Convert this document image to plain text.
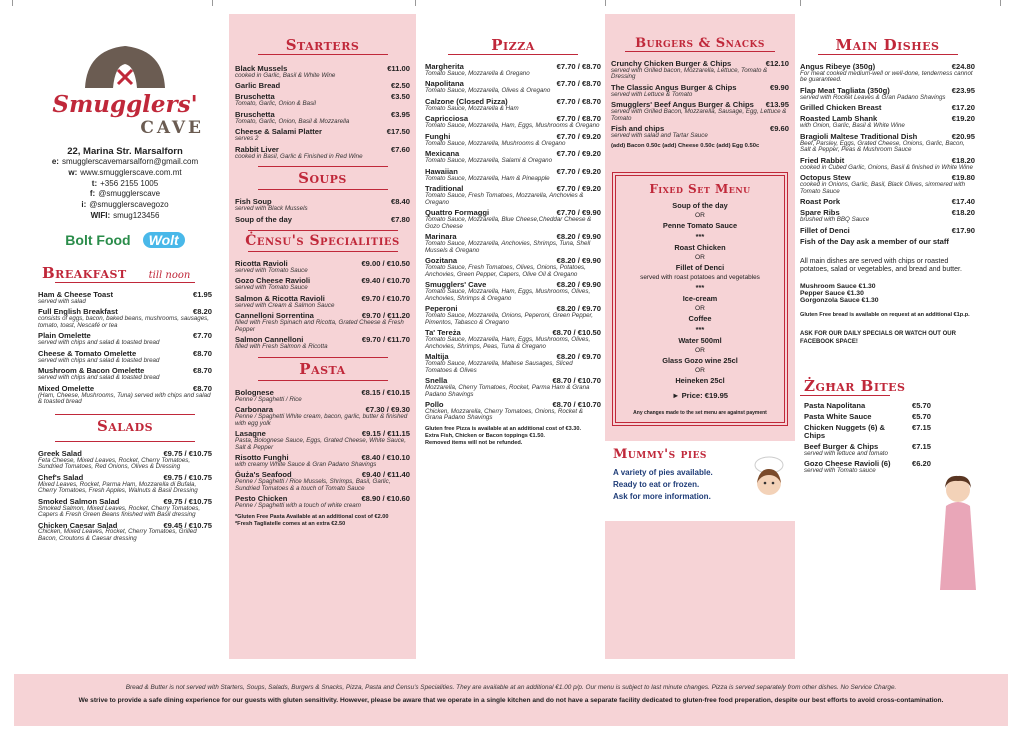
Smugglers'
CAVE
22, Marina Str. Marsalforn
e: smugglerscavemarsalforn@gmail.com
w: www.smugglerscave.com.mt
t: +356 2155 1005
f: @smugglerscave
i: @smugglerscavegozo
WIFI: smug123456
Bolt Food	Wolt
Breakfast till noon
Ham & Cheese Toast	€1.95
served with salad
Full English Breakfast	€8.20
consists of eggs, bacon, baked beans, mushrooms, sausages, tomato, toast, Nescafé or tea
Plain Omelette	€7.70
served with chips and salad & toasted bread
Cheese & Tomato Omelette	€8.70
served with chips and salad & toasted bread
Mushroom & Bacon Omelette	€8.70
served with chips and salad & toasted bread
Mixed Omelette	€8.70
(Ham, Cheese, Mushrooms, Tuna) served with chips and salad & toasted bread
Salads
Greek Salad	€9.75 / €10.75
Feta Cheese, Mixed Leaves, Rocket, Cherry Tomatoes, Sundried Tomatoes, Red Onions, Olives & Dressing
Chef's Salad	€9.75 / €10.75
Mixed Leaves, Rocket, Parma Ham, Mozzarella di Bufala, Cherry Tomatoes, Fresh Apples, Walnuts & Basil Dressing
Smoked Salmon Salad	€9.75 / €10.75
Smoked Salmon, Mixed Leaves, Rocket, Cherry Tomatoes, Capers & Fresh Green Beans finished with Basil dressing
Chicken Caesar Salad	€9.45 / €10.75
Chicken, Mixed Leaves, Rocket, Cherry Tomatoes, Grilled Bacon, Croutons & Caesar dressing
Starters
Black Mussels	€11.00
cooked in Garlic, Basil & White Wine
Garlic Bread	€2.50
Bruschetta	€3.50
Tomato, Garlic, Onion & Basil
Bruschetta	€3.95
Tomato, Garlic, Onion, Basil & Mozzarella
Cheese & Salami Platter	€17.50
serves 2
Rabbit Liver	€7.60
cooked in Basil, Garlic & Finished in Red Wine
Soups
Fish Soup	€8.40
served with Black Mussels
Soup of the day	€7.80
Ċensu's Specialities
Ricotta Ravioli	€9.00 / €10.50
served with Tomato Sauce
Gozo Cheese Ravioli	€9.40 / €10.70
served with Tomato Sauce
Salmon & Ricotta Ravioli	€9.70 / €10.70
served with Cream & Salmon Sauce
Cannelloni Sorrentina	€9.70 / €11.20
filled with Fresh Spinach and Ricotta, Grated Cheese & Fresh Pepper
Salmon Cannelloni	€9.70 / €11.70
filled with Fresh Salmon & Ricotta
Pasta
Bolognese	€8.15 / €10.15
Penne / Spaghetti / Rice
Carbonara	€7.30 / €9.30
Penne / Spaghetti White cream, bacon, garlic, butter & finished with egg yolk
Lasagne	€9.15 / €11.15
Pasta, Bolognese Sauce, Eggs, Grated Cheese, White Sauce, Salt & Pepper
Risotto Funghi	€8.40 / €10.10
with creamy White Sauce & Gran Padano Shavings
Ġuża's Seafood	€9.40 / €11.40
Penne / Spaghetti / Rice Mussels, Shrimps, Basil, Garlic, Sundried Tomatoes & a touch of Tomato Sauce
Pesto Chicken	€8.90 / €10.60
Penne / Spaghetti with a touch of white cream
*Gluten Free Pasta Available at an additional cost of €2.00
*Fresh Tagliatelle comes at an extra €2.50
Pizza
Margherita	€7.70 / €8.70
Tomato Sauce, Mozzarella & Oregano
Napolitana	€7.70 / €8.70
Tomato Sauce, Mozzarella, Olives & Oregano
Calzone (Closed Pizza)	€7.70 / €8.70
Tomato Sauce, Mozzarella & Ham
Capricciosa	€7.70 / €8.70
Tomato Sauce, Mozzarella, Ham, Eggs, Mushrooms & Oregano
Funghi	€7.70 / €9.20
Tomato Sauce, Mozzarella, Mushrooms & Oregano
Mexicana	€7.70 / €9.20
Tomato Sauce, Mozzarella, Salami & Oregano
Hawaiian	€7.70 / €9.20
Tomato Sauce, Mozzarella, Ham & Pineapple
Traditional	€7.70 / €9.20
Tomato Sauce, Fresh Tomatoes, Mozzarella, Anchovies & Oregano
Quattro Formaggi	€7.70 / €9.90
Tomato Sauce, Mozzarella, Blue Cheese,Cheddar Cheese & Gozo Cheese
Marinara	€8.20 / €9.90
Tomato Sauce, Mozzarella, Anchovies, Shrimps, Tuna, Shell Mussels & Oregano
Gozitana	€8.20 / €9.90
Tomato Sauce, Fresh Tomatoes, Olives, Onions, Potatoes, Anchovies, Green Pepper, Capers, Olive Oil & Oregano
Smugglers' Cave	€8.20 / €9.90
Tomato Sauce, Mozzarella, Ham, Eggs, Mushrooms, Olives, Anchovies, Shrimps & Oregano
Peperoni	€8.20 / €9.70
Tomato Sauce, Mozzarella, Onions, Peperoni, Green Pepper, Pimentos, Tabasco & Oregano
Ta' Tereża	€8.70 / €10.50
Tomato Sauce, Mozzarella, Ham, Eggs, Mushrooms, Olives, Anchovies, Shrimps, Peas, Tuna & Oregano
Maltija	€8.20 / €9.70
Tomato Sauce, Mozzarella, Maltese Sausages, Sliced Tomatoes & Olives
Snella	€8.70 / €10.70
Mozzarella, Cherry Tomatoes, Rocket, Parma Ham & Grana Padano Shavings
Pollo	€8.70 / €10.70
Chicken, Mozzarella, Cherry Tomatoes, Onions, Rocket & Grana Padano Shavings
Gluten free Pizza is available at an additional cost of €3.30.
Extra Fish, Chicken or Bacon toppings €1.50.
Removed items will not be refunded.
Burgers & Snacks
Crunchy Chicken Burger & Chips	€12.10
served with Grilled bacon, Mozzarella, Lettuce, Tomato & Dressing
The Classic Angus Burger & Chips	€9.90
served with Lettuce & Tomato
Smugglers' Beef Angus Burger & Chips €13.95
served with Grilled Bacon, Mozzarella, Sausage, Egg, Lettuce & Tomato
Fish and chips	€9.60
served with salad and Tartar Sauce
(add) Bacon 0.50c (add) Cheese 0.50c (add) Egg 0.50c
Fixed Set Menu
Soup of the day
OR
Penne Tomato Sauce
***
Roast Chicken
OR
Fillet of Denci
served with roast potatoes and vegetables
***
Ice-cream
OR
Coffee
***
Water 500ml
OR
Glass Gozo wine 25cl
OR
Heineken 25cl
► Price: €19.95
Any changes made to the set menu are against payment
Mummy's pies
A variety of pies available.
Ready to eat or frozen.
Ask for more information.
Main Dishes
Angus Ribeye (350g)	€24.80
For meat cooked medium-well or well-done, tenderness cannot be guaranteed.
Flap Meat Tagliata (350g)	€23.95
served with Rocket Leaves & Gran Padano Shavings
Grilled Chicken Breast	€17.20
Roasted Lamb Shank	€19.20
with Onion, Garlic, Basil & White Wine
Bragioli Maltese Traditional Dish	€20.95
Beef, Parsley, Eggs, Grated Cheese, Onions, Garlic, Bacon, Salt & Pepper, Peas & Mushroom Sauce
Fried Rabbit	€18.20
cooked in Cubed Garlic, Onions, Basil & finished in White Wine
Octopus Stew	€19.80
cooked in Onions, Garlic, Basil, Black Olives, simmered with Tomato Sauce
Roast Pork	€17.40
Spare Ribs	€18.20
brushed with BBQ Sauce
Fillet of Denci	€17.90
Fish of the Day ask a member of our staff
All main dishes are served with chips or roasted potatoes, salad or vegetables, and bread and butter.
Mushroom Sauce €1.30
Pepper Sauce €1.30
Gorgonzola Sauce €1.30
Gluten Free bread is available on request at an additional €1p.p.
ASK FOR OUR DAILY SPECIALS OR WATCH OUT OUR FACEBOOK SPACE!
Żgħar Bites
Pasta Napolitana	€5.70
Pasta White Sauce	€5.70
Chicken Nuggets (6) & Chips
€7.15
Beef Burger & Chips	€7.15
served with lettuce and tomato
Gozo Cheese Ravioli (6)	€6.20
served with Tomato sauce
Bread & Butter is not served with Starters, Soups, Salads, Burgers & Snacks, Pizza, Pasta and Ċensu's Specialities. They are available at an additional €1.00 p/p. Our menu is subject to last minute changes. Pizza is served separately from other dishes. No Service Charge.
We strive to provide a safe dining experience for our guests with gluten sensitivity. However, please be aware that we operate in a single kitchen and do not have a separate facility dedicated to gluten-free food preperation, despite our best efforts to avoid cross-contamination.
